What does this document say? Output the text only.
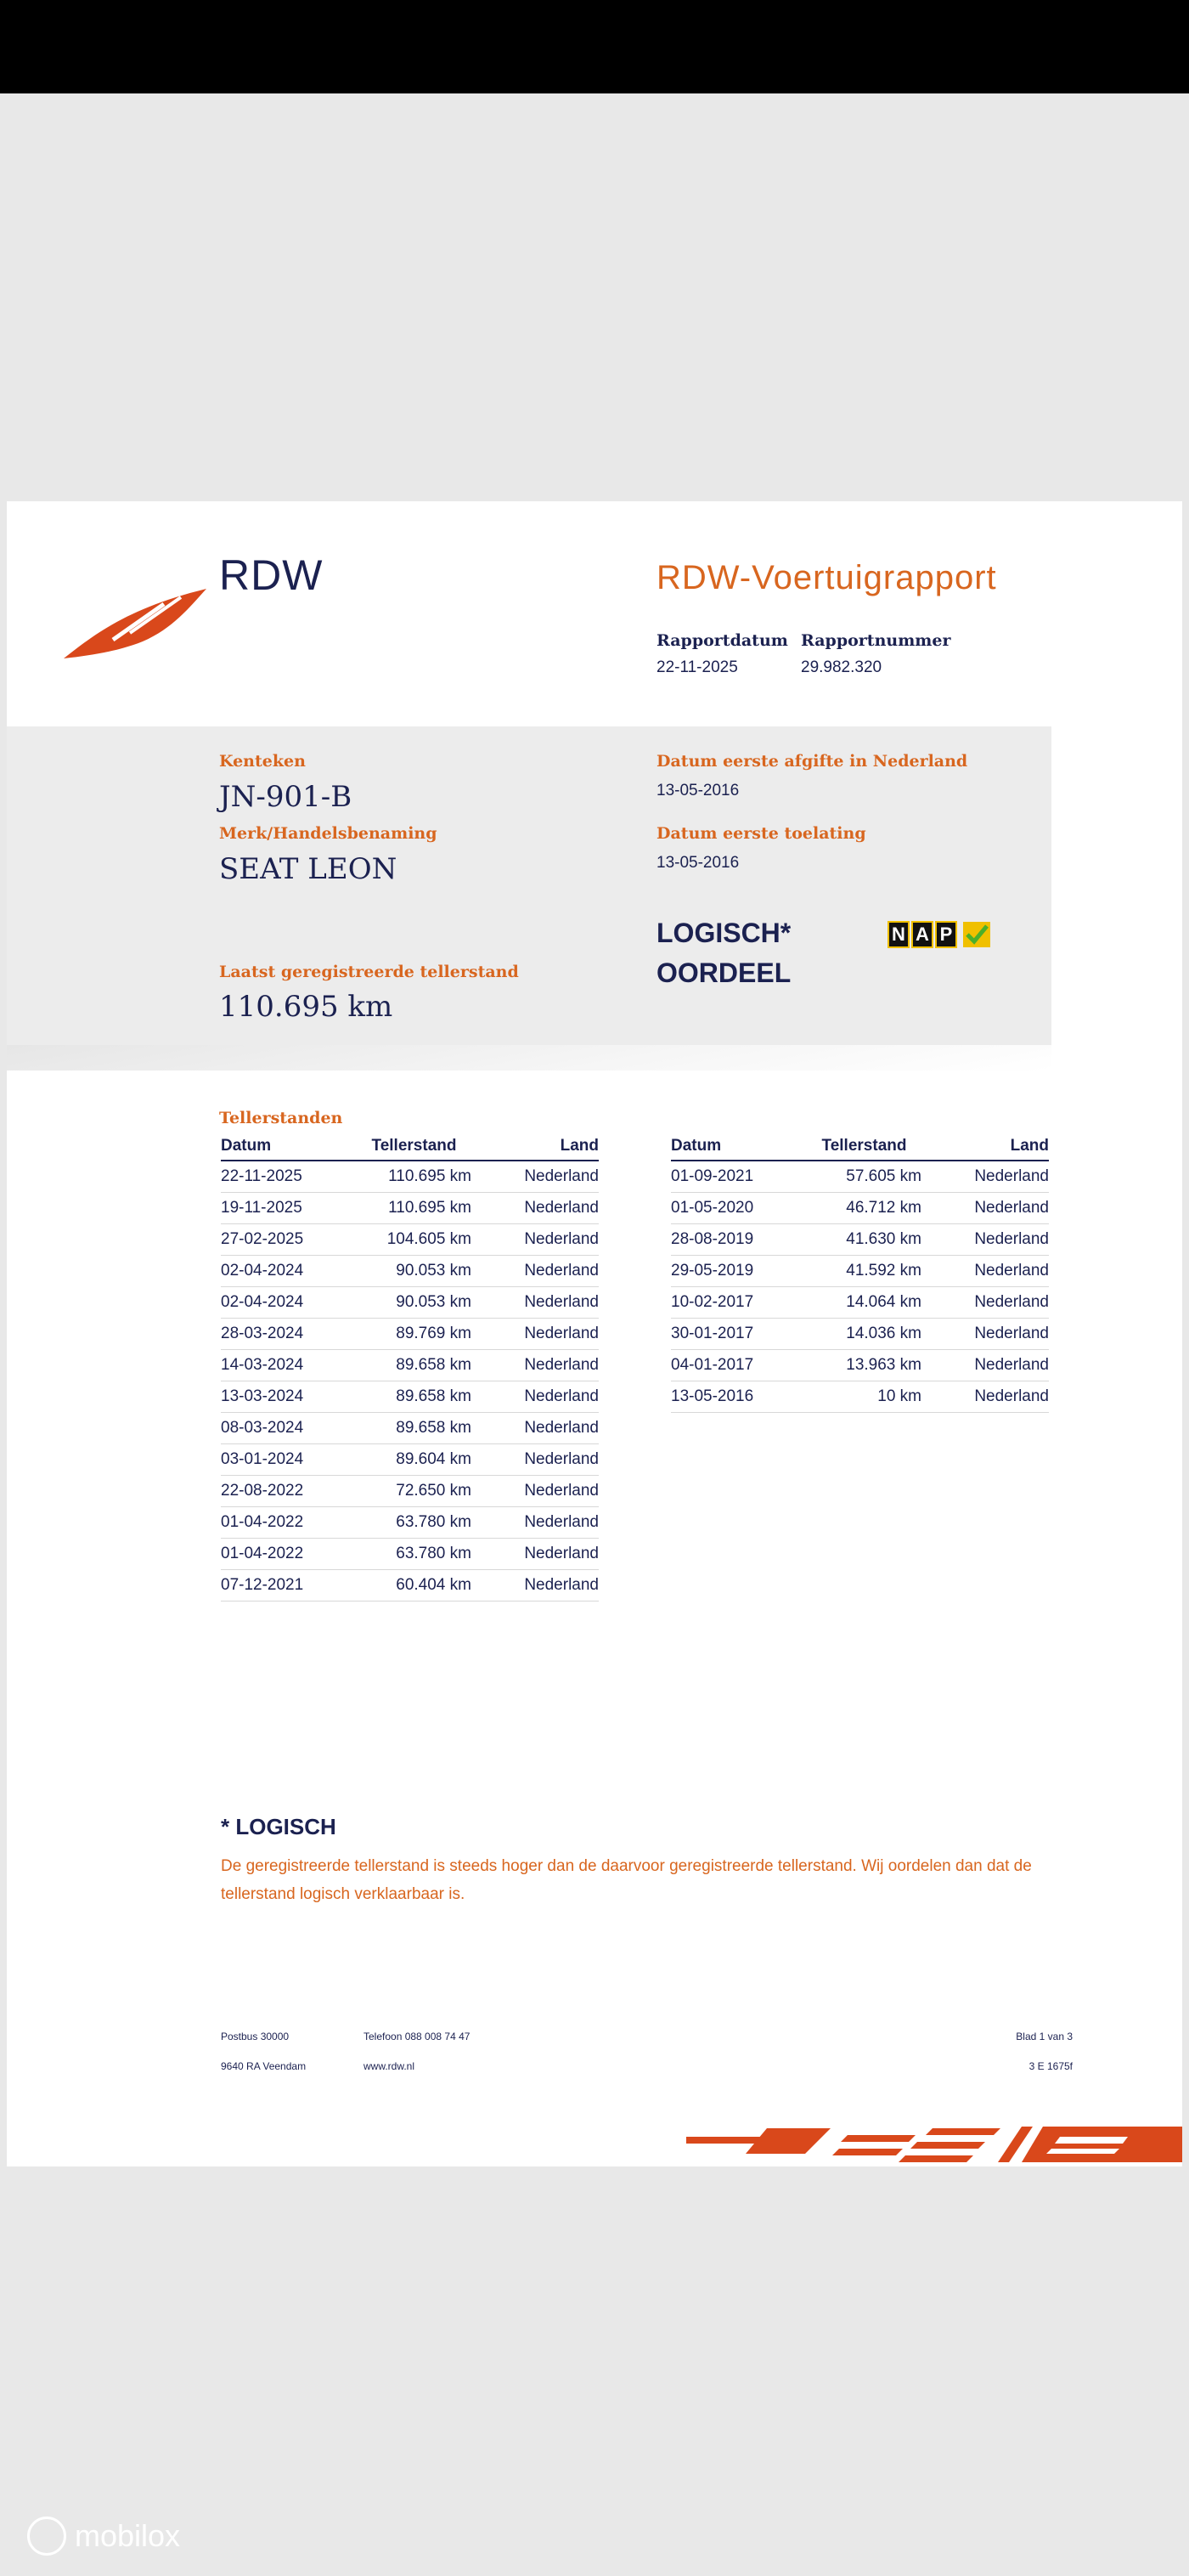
RDW	RDW-Voertuigrapport
Rapportdatum
22-11-2025
Rapportnummer
29.982.320
Kenteken
JN-901-B
Merk/Handelsbenaming
SEAT LEON
Laatst geregistreerde tellerstand
110.695 km
Datum eerste afgifte in Nederland
13-05-2016
Datum eerste toelating
13-05-2016
LOGISCH*
OORDEEL
N A P
Tellerstanden
Datum	Tellerstand	Land
22-11-2025	110.695 km	Nederland
19-11-2025	110.695 km	Nederland
27-02-2025	104.605 km	Nederland
02-04-2024	90.053 km	Nederland
02-04-2024	90.053 km	Nederland
28-03-2024	89.769 km	Nederland
14-03-2024	89.658 km	Nederland
13-03-2024	89.658 km	Nederland
08-03-2024	89.658 km	Nederland
03-01-2024	89.604 km	Nederland
22-08-2022	72.650 km	Nederland
01-04-2022	63.780 km	Nederland
01-04-2022	63.780 km	Nederland
07-12-2021	60.404 km	Nederland
Datum	Tellerstand	Land
01-09-2021	57.605 km	Nederland
01-05-2020	46.712 km	Nederland
28-08-2019	41.630 km	Nederland
29-05-2019	41.592 km	Nederland
10-02-2017	14.064 km	Nederland
30-01-2017	14.036 km	Nederland
04-01-2017	13.963 km	Nederland
13-05-2016	10 km	Nederland
* LOGISCH
De geregistreerde tellerstand is steeds hoger dan de daarvoor geregistreerde tellerstand. Wij oordelen dan dat de tellerstand logisch verklaarbaar is.
Postbus 30000
9640 RA Veendam
Telefoon 088 008 74 47
www.rdw.nl
Blad 1 van 3
3 E 1675f
mobilox
